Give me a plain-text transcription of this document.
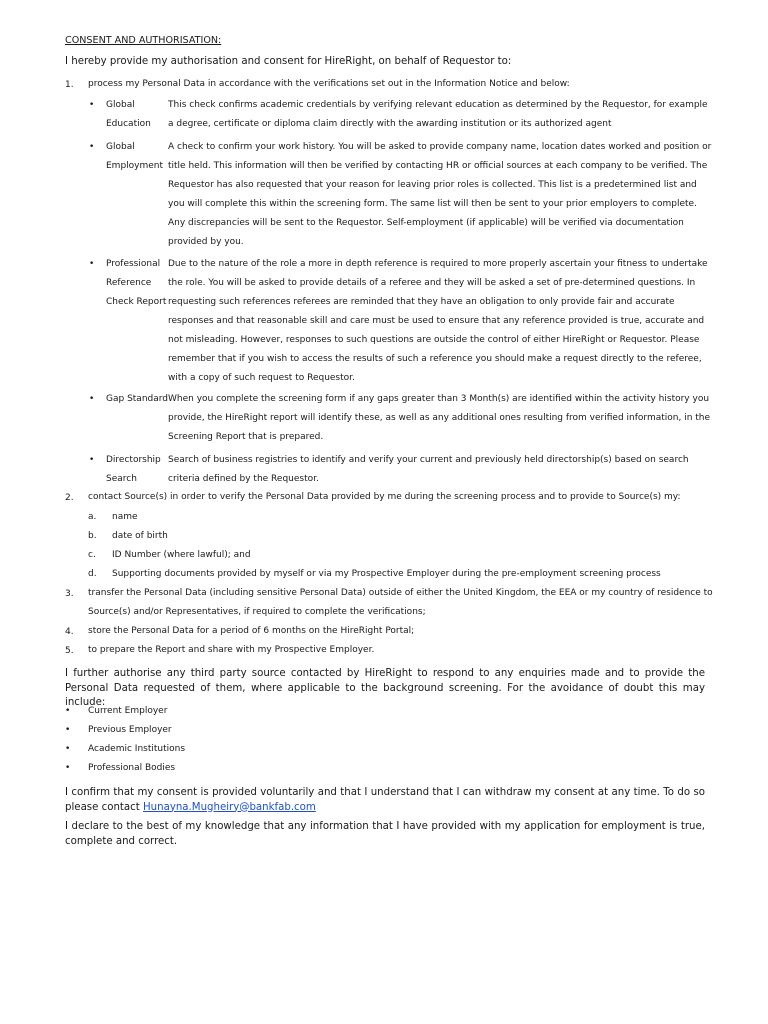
CONSENT AND AUTHORISATION:
I hereby provide my authorisation and consent for HireRight, on behalf of Requestor to:
1. process my Personal Data in accordance with the verifications set out in the Information Notice and below:
• Global Education
This check confirms academic credentials by verifying relevant education as determined by the Requestor, for example a degree, certificate or diploma claim directly with the awarding institution or its authorized agent
• Global Employment
A check to confirm your work history. You will be asked to provide company name, location dates worked and position or title held. This information will then be verified by contacting HR or official sources at each company to be verified. The Requestor has also requested that your reason for leaving prior roles is collected. This list is a predetermined list and you will complete this within the screening form. The same list will then be sent to your prior employers to complete. Any discrepancies will be sent to the Requestor. Self-employment (if applicable) will be verified via documentation provided by you.
• Professional Reference Check Report
Due to the nature of the role a more in depth reference is required to more properly ascertain your fitness to undertake the role. You will be asked to provide details of a referee and they will be asked a set of pre-determined questions. In requesting such references referees are reminded that they have an obligation to only provide fair and accurate responses and that reasonable skill and care must be used to ensure that any reference provided is true, accurate and not misleading. However, responses to such questions are outside the control of either HireRight or Requestor. Please remember that if you wish to access the results of such a reference you should make a request directly to the referee, with a copy of such request to Requestor.
• Gap Standard When you complete the screening form if any gaps greater than 3 Month(s) are identified within the activity history you provide, the HireRight report will identify these, as well as any additional ones resulting from verified information, in the Screening Report that is prepared.
• Directorship Search
Search of business registries to identify and verify your current and previously held directorship(s) based on search criteria defined by the Requestor.
2. contact Source(s) in order to verify the Personal Data provided by me during the screening process and to provide to Source(s) my:
a. name
b. date of birth
c. ID Number (where lawful); and
d. Supporting documents provided by myself or via my Prospective Employer during the pre-employment screening process
3. transfer the Personal Data (including sensitive Personal Data) outside of either the United Kingdom, the EEA or my country of residence to Source(s) and/or Representatives, if required to complete the verifications;
4. store the Personal Data for a period of 6 months on the HireRight Portal;
5. to prepare the Report and share with my Prospective Employer.
I further authorise any third party source contacted by HireRight to respond to any enquiries made and to provide the Personal Data requested of them, where applicable to the background screening. For the avoidance of doubt this may include:
• Current Employer
• Previous Employer
• Academic Institutions
• Professional Bodies
I confirm that my consent is provided voluntarily and that I understand that I can withdraw my consent at any time. To do so please contact Hunayna.Mugheiry@bankfab.com
I declare to the best of my knowledge that any information that I have provided with my application for employment is true, complete and correct.
